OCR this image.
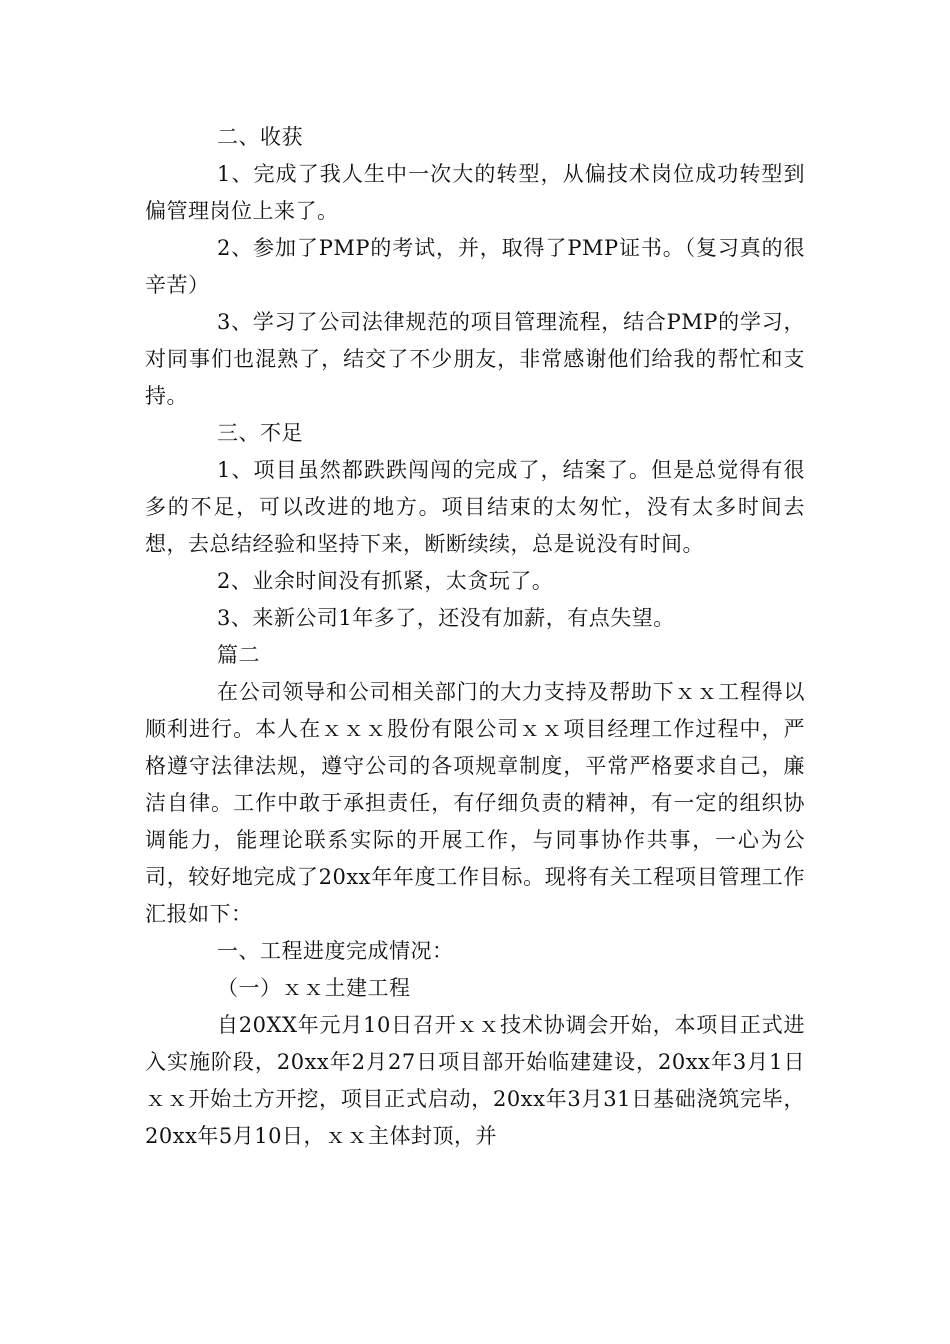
二、收获

1、完成了我人生中一次大的转型，从偏技术岗位成功转型到偏管理岗位上来了。

2、参加了PMP的考试，并，取得了PMP证书。（复习真的很辛苦）

3、学习了公司法律规范的项目管理流程，结合PMP的学习，对同事们也混熟了，结交了不少朋友，非常感谢他们给我的帮忙和支持。

三、不足

1、项目虽然都跌跌闯闯的完成了，结案了。但是总觉得有很多的不足，可以改进的地方。项目结束的太匆忙，没有太多时间去想，去总结经验和坚持下来，断断续续，总是说没有时间。

2、业余时间没有抓紧，太贪玩了。

3、来新公司1年多了，还没有加薪，有点失望。

篇二

在公司领导和公司相关部门的大力支持及帮助下ｘｘ工程得以顺利进行。本人在ｘｘｘ股份有限公司ｘｘ项目经理工作过程中，严格遵守法律法规，遵守公司的各项规章制度，平常严格要求自己，廉洁自律。工作中敢于承担责任，有仔细负责的精神，有一定的组织协调能力，能理论联系实际的开展工作，与同事协作共事，一心为公司，较好地完成了20xx年年度工作目标。现将有关工程项目管理工作汇报如下：

一、工程进度完成情况：

（一）ｘｘ土建工程

自20XX年元月10日召开ｘｘ技术协调会开始，本项目正式进入实施阶段，20xx年2月27日项目部开始临建建设，20xx年3月1日ｘｘ开始土方开挖，项目正式启动，20xx年3月31日基础浇筑完毕，20xx年5月10日，ｘｘ主体封顶，并
